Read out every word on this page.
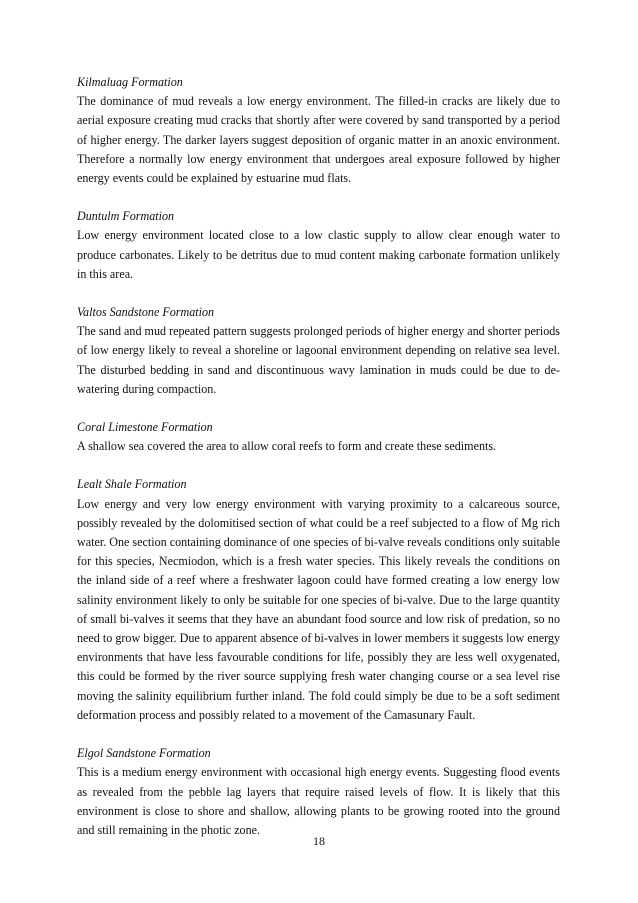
Kilmaluag Formation

The dominance of mud reveals a low energy environment. The filled-in cracks are likely due to aerial exposure creating mud cracks that shortly after were covered by sand transported by a period of higher energy. The darker layers suggest deposition of organic matter in an anoxic environment. Therefore a normally low energy environment that undergoes areal exposure followed by higher energy events could be explained by estuarine mud flats.

Duntulm Formation

Low energy environment located close to a low clastic supply to allow clear enough water to produce carbonates. Likely to be detritus due to mud content making carbonate formation unlikely in this area.

Valtos Sandstone Formation

The sand and mud repeated pattern suggests prolonged periods of higher energy and shorter periods of low energy likely to reveal a shoreline or lagoonal environment depending on relative sea level. The disturbed bedding in sand and discontinuous wavy lamination in muds could be due to de-watering during compaction.

Coral Limestone Formation

A shallow sea covered the area to allow coral reefs to form and create these sediments.

Lealt Shale Formation

Low energy and very low energy environment with varying proximity to a calcareous source, possibly revealed by the dolomitised section of what could be a reef subjected to a flow of Mg rich water. One section containing dominance of one species of bi-valve reveals conditions only suitable for this species, Necmiodon, which is a fresh water species. This likely reveals the conditions on the inland side of a reef where a freshwater lagoon could have formed creating a low energy low salinity environment likely to only be suitable for one species of bi-valve. Due to the large quantity of small bi-valves it seems that they have an abundant food source and low risk of predation, so no need to grow bigger. Due to apparent absence of bi-valves in lower members it suggests low energy environments that have less favourable conditions for life, possibly they are less well oxygenated, this could be formed by the river source supplying fresh water changing course or a sea level rise moving the salinity equilibrium further inland. The fold could simply be due to be a soft sediment deformation process and possibly related to a movement of the Camasunary Fault.

Elgol Sandstone Formation

This is a medium energy environment with occasional high energy events. Suggesting flood events as revealed from the pebble lag layers that require raised levels of flow. It is likely that this environment is close to shore and shallow, allowing plants to be growing rooted into the ground and still remaining in the photic zone.

18
